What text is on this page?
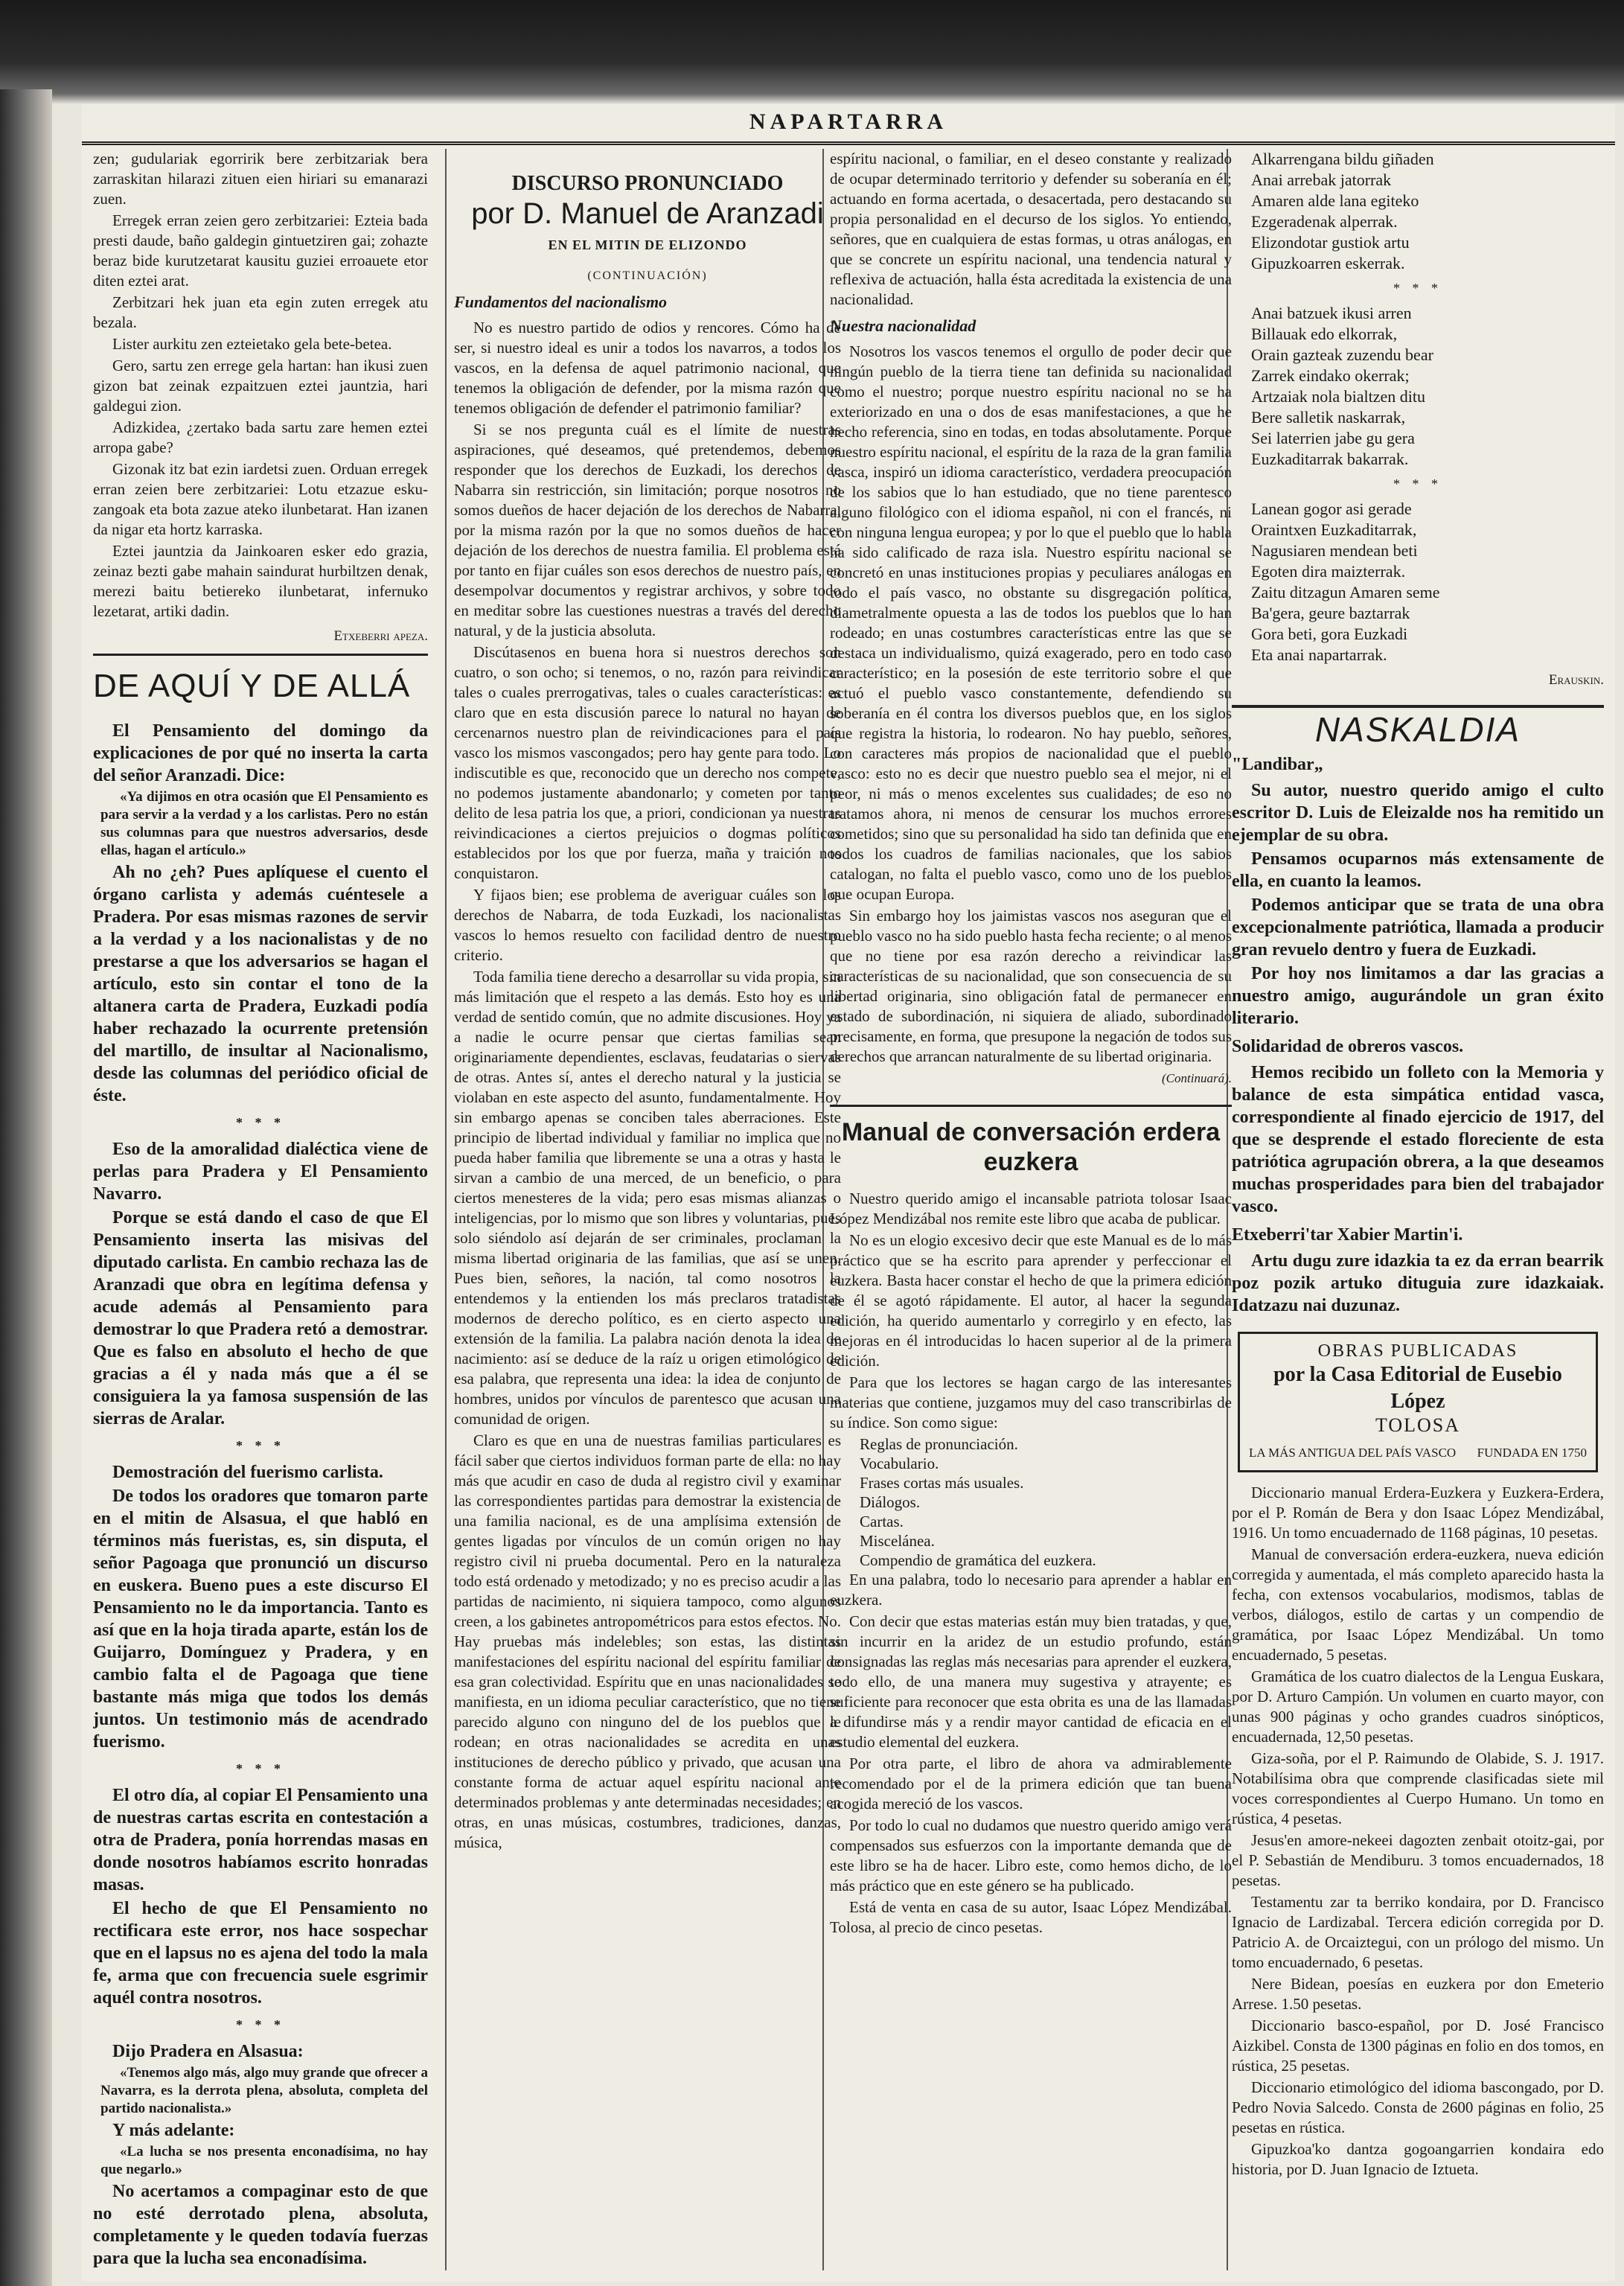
NAPARTARRA

zen; gudulariak egorririk bere zerbitzariak bera zarraskitan hilarazi zituen eien hiriari su emanarazi zuen.

Erregek erran zeien gero zerbitzariei: Ezteia bada presti daude, baño galdegin gintuetziren gai; zohazte beraz bide kurutzetarat kausitu guziei erroauete etor diten eztei arat.

Zerbitzari hek juan eta egin zuten erregek atu bezala.

Lister aurkitu zen ezteietako gela bete-betea.

Gero, sartu zen errege gela hartan: han ikusi zuen gizon bat zeinak ezpaitzuen eztei jauntzia, hari galdegui zion.

Adizkidea, ¿zertako bada sartu zare hemen eztei arropa gabe?

Gizonak itz bat ezin iardetsi zuen. Orduan erregek erran zeien bere zerbitzariei: Lotu etzazue esku-zangoak eta bota zazue ateko ilunbetarat. Han izanen da nigar eta hortz karraska.

Eztei jauntzia da Jainkoaren esker edo grazia, zeinaz bezti gabe mahain saindurat hurbiltzen denak, merezi baitu betiereko ilunbetarat, infernuko lezetarat, artiki dadin.

Etxeberri apeza.

DE AQUÍ Y DE ALLÁ

El Pensamiento del domingo da explicaciones de por qué no inserta la carta del señor Aranzadi. Dice:

«Ya dijimos en otra ocasión que El Pensamiento es para servir a la verdad y a los carlistas. Pero no están sus columnas para que nuestros adversarios, desde ellas, hagan el artículo.»

Ah no ¿eh? Pues aplíquese el cuento el órgano carlista y además cuéntesele a Pradera. Por esas mismas razones de servir a la verdad y a los nacionalistas y de no prestarse a que los adversarios se hagan el artículo, esto sin contar el tono de la altanera carta de Pradera, Euzkadi podía haber rechazado la ocurrente pretensión del martillo, de insultar al Nacionalismo, desde las columnas del periódico oficial de éste.

* * *

Eso de la amoralidad dialéctica viene de perlas para Pradera y El Pensamiento Navarro.

Porque se está dando el caso de que El Pensamiento inserta las misivas del diputado carlista. En cambio rechaza las de Aranzadi que obra en legítima defensa y acude además al Pensamiento para demostrar lo que Pradera retó a demostrar. Que es falso en absoluto el hecho de que gracias a él y nada más que a él se consiguiera la ya famosa suspensión de las sierras de Aralar.

* * *

Demostración del fuerismo carlista.

De todos los oradores que tomaron parte en el mitin de Alsasua, el que habló en términos más fueristas, es, sin disputa, el señor Pagoaga que pronunció un discurso en euskera. Bueno pues a este discurso El Pensamiento no le da importancia. Tanto es así que en la hoja tirada aparte, están los de Guijarro, Domínguez y Pradera, y en cambio falta el de Pagoaga que tiene bastante más miga que todos los demás juntos. Un testimonio más de acendrado fuerismo.

* * *

El otro día, al copiar El Pensamiento una de nuestras cartas escrita en contestación a otra de Pradera, ponía horrendas masas en donde nosotros habíamos escrito honradas masas.

El hecho de que El Pensamiento no rectificara este error, nos hace sospechar que en el lapsus no es ajena del todo la mala fe, arma que con frecuencia suele esgrimir aquél contra nosotros.

* * *

Dijo Pradera en Alsasua:

«Tenemos algo más, algo muy grande que ofrecer a Navarra, es la derrota plena, absoluta, completa del partido nacionalista.»

Y más adelante:

«La lucha se nos presenta enconadísima, no hay que negarlo.»

No acertamos a compaginar esto de que no esté derrotado plena, absoluta, completamente y le queden todavía fuerzas para que la lucha sea enconadísima.

DISCURSO PRONUNCIADO
por D. Manuel de Aranzadi
EN EL MITIN DE ELIZONDO
(CONTINUACIÓN)
Fundamentos del nacionalismo

No es nuestro partido de odios y rencores. Cómo ha de ser, si nuestro ideal es unir a todos los navarros, a todos los vascos, en la defensa de aquel patrimonio nacional, que tenemos la obligación de defender, por la misma razón que tenemos obligación de defender el patrimonio familiar?

Si se nos pregunta cuál es el límite de nuestras aspiraciones, qué deseamos, qué pretendemos, debemos responder que los derechos de Euzkadi, los derechos de Nabarra sin restricción, sin limitación; porque nosotros no somos dueños de hacer dejación de los derechos de Nabarra, por la misma razón por la que no somos dueños de hacer dejación de los derechos de nuestra familia. El problema está por tanto en fijar cuáles son esos derechos de nuestro país, en desempolvar documentos y registrar archivos, y sobre todo en meditar sobre las cuestiones nuestras a través del derecho natural, y de la justicia absoluta.

Discútasenos en buena hora si nuestros derechos son cuatro, o son ocho; si tenemos, o no, razón para reivindicar tales o cuales prerrogativas, tales o cuales características: es claro que en esta discusión parece lo natural no hayan de cercenarnos nuestro plan de reivindicaciones para el país vasco los mismos vascongados; pero hay gente para todo. Lo indiscutible es que, reconocido que un derecho nos compete, no podemos justamente abandonarlo; y cometen por tanto delito de lesa patria los que, a priori, condicionan ya nuestras reivindicaciones a ciertos prejuicios o dogmas políticos establecidos por los que por fuerza, maña y traición nos conquistaron.

Y fijaos bien; ese problema de averiguar cuáles son los derechos de Nabarra, de toda Euzkadi, los nacionalistas vascos lo hemos resuelto con facilidad dentro de nuestro criterio.

Toda familia tiene derecho a desarrollar su vida propia, sin más limitación que el respeto a las demás. Esto hoy es una verdad de sentido común, que no admite discusiones. Hoy ya a nadie le ocurre pensar que ciertas familias sean originariamente dependientes, esclavas, feudatarias o siervas de otras. Antes sí, antes el derecho natural y la justicia se violaban en este aspecto del asunto, fundamentalmente. Hoy sin embargo apenas se conciben tales aberraciones. Este principio de libertad individual y familiar no implica que no pueda haber familia que libremente se una a otras y hasta le sirvan a cambio de una merced, de un beneficio, o para ciertos menesteres de la vida; pero esas mismas alianzas o inteligencias, por lo mismo que son libres y voluntarias, pues solo siéndolo así dejarán de ser criminales, proclaman la misma libertad originaria de las familias, que así se unen. Pues bien, señores, la nación, tal como nosotros la entendemos y la entienden los más preclaros tratadistas modernos de derecho político, es en cierto aspecto una extensión de la familia. La palabra nación denota la idea de nacimiento: así se deduce de la raíz u origen etimológico de esa palabra, que representa una idea: la idea de conjunto de hombres, unidos por vínculos de parentesco que acusan una comunidad de origen.

Claro es que en una de nuestras familias particulares es fácil saber que ciertos individuos forman parte de ella: no hay más que acudir en caso de duda al registro civil y examinar las correspondientes partidas para demostrar la existencia de una familia nacional, es de una amplísima extensión de gentes ligadas por vínculos de un común origen no hay registro civil ni prueba documental. Pero en la naturaleza todo está ordenado y metodizado; y no es preciso acudir a las partidas de nacimiento, ni siquiera tampoco, como algunos creen, a los gabinetes antropométricos para estos efectos. No. Hay pruebas más indelebles; son estas, las distintas manifestaciones del espíritu nacional del espíritu familiar de esa gran colectividad. Espíritu que en unas nacionalidades se manifiesta, en un idioma peculiar característico, que no tiene parecido alguno con ninguno del de los pueblos que le rodean; en otras nacionalidades se acredita en unas instituciones de derecho público y privado, que acusan una constante forma de actuar aquel espíritu nacional ante determinados problemas y ante determinadas necesidades; en otras, en unas músicas, costumbres, tradiciones, danzas, música,

espíritu nacional, o familiar, en el deseo constante y realizado de ocupar determinado territorio y defender su soberanía en él; actuando en forma acertada, o desacertada, pero destacando su propia personalidad en el decurso de los siglos. Yo entiendo, señores, que en cualquiera de estas formas, u otras análogas, en que se concrete un espíritu nacional, una tendencia natural y reflexiva de actuación, halla ésta acreditada la existencia de una nacionalidad.

Nuestra nacionalidad

Nosotros los vascos tenemos el orgullo de poder decir que ningún pueblo de la tierra tiene tan definida su nacionalidad como el nuestro; porque nuestro espíritu nacional no se ha exteriorizado en una o dos de esas manifestaciones, a que he hecho referencia, sino en todas, en todas absolutamente. Porque nuestro espíritu nacional, el espíritu de la raza de la gran familia vasca, inspiró un idioma característico, verdadera preocupación de los sabios que lo han estudiado, que no tiene parentesco alguno filológico con el idioma español, ni con el francés, ni con ninguna lengua europea; y por lo que el pueblo que lo habla ha sido calificado de raza isla. Nuestro espíritu nacional se concretó en unas instituciones propias y peculiares análogas en todo el país vasco, no obstante su disgregación política, diametralmente opuesta a las de todos los pueblos que lo han rodeado; en unas costumbres características entre las que se destaca un individualismo, quizá exagerado, pero en todo caso característico; en la posesión de este territorio sobre el que actuó el pueblo vasco constantemente, defendiendo su soberanía en él contra los diversos pueblos que, en los siglos que registra la historia, lo rodearon. No hay pueblo, señores, con caracteres más propios de nacionalidad que el pueblo vasco: esto no es decir que nuestro pueblo sea el mejor, ni el peor, ni más o menos excelentes sus cualidades; de eso no tratamos ahora, ni menos de censurar los muchos errores cometidos; sino que su personalidad ha sido tan definida que en todos los cuadros de familias nacionales, que los sabios catalogan, no falta el pueblo vasco, como uno de los pueblos que ocupan Europa.

Sin embargo hoy los jaimistas vascos nos aseguran que el pueblo vasco no ha sido pueblo hasta fecha reciente; o al menos que no tiene por esa razón derecho a reivindicar las características de su nacionalidad, que son consecuencia de su libertad originaria, sino obligación fatal de permanecer en estado de subordinación, ni siquiera de aliado, subordinado precisamente, en forma, que presupone la negación de todos sus derechos que arrancan naturalmente de su libertad originaria.

(Continuará).
Manual de conversación erdera euzkera

Nuestro querido amigo el incansable patriota tolosar Isaac López Mendizábal nos remite este libro que acaba de publicar.

No es un elogio excesivo decir que este Manual es de lo más práctico que se ha escrito para aprender y perfeccionar el euzkera. Basta hacer constar el hecho de que la primera edición de él se agotó rápidamente. El autor, al hacer la segunda edición, ha querido aumentarlo y corregirlo y en efecto, las mejoras en él introducidas lo hacen superior al de la primera edición.

Para que los lectores se hagan cargo de las interesantes materias que contiene, juzgamos muy del caso transcribirlas de su índice. Son como sigue:

Reglas de pronunciación.
Vocabulario.
Frases cortas más usuales.
Diálogos.
Cartas.
Miscelánea.
Compendio de gramática del euzkera.

En una palabra, todo lo necesario para aprender a hablar en euzkera.

Con decir que estas materias están muy bien tratadas, y que, sin incurrir en la aridez de un estudio profundo, están consignadas las reglas más necesarias para aprender el euzkera, todo ello, de una manera muy sugestiva y atrayente; es suficiente para reconocer que esta obrita es una de las llamadas a difundirse más y a rendir mayor cantidad de eficacia en el estudio elemental del euzkera.

Por otra parte, el libro de ahora va admirablemente recomendado por el de la primera edición que tan buena acogida mereció de los vascos.

Por todo lo cual no dudamos que nuestro querido amigo verá compensados sus esfuerzos con la importante demanda que de este libro se ha de hacer. Libro este, como hemos dicho, de lo más práctico que en este género se ha publicado.

Está de venta en casa de su autor, Isaac López Mendizábal. Tolosa, al precio de cinco pesetas.

Alkarrengana bildu giñaden
Anai arrebak jatorrak
Amaren alde lana egiteko
Ezgeradenak alperrak.
Elizondotar gustiok artu
Gipuzkoarren eskerrak.

* * *

Anai batzuek ikusi arren
Billauak edo elkorrak,
Orain gazteak zuzendu bear
Zarrek eindako okerrak;
Artzaiak nola bialtzen ditu
Bere salletik naskarrak,
Sei laterrien jabe gu gera
Euzkaditarrak bakarrak.

* * *

Lanean gogor asi gerade
Oraintxen Euzkaditarrak,
Nagusiaren mendean beti
Egoten dira maizterrak.
Zaitu ditzagun Amaren seme
Ba'gera, geure baztarrak
Gora beti, gora Euzkadi
Eta anai napartarrak.

Erauskin.

NASKALDIA
"Landibar„

Su autor, nuestro querido amigo el culto escritor D. Luis de Eleizalde nos ha remitido un ejemplar de su obra.

Pensamos ocuparnos más extensamente de ella, en cuanto la leamos.

Podemos anticipar que se trata de una obra excepcionalmente patriótica, llamada a producir gran revuelo dentro y fuera de Euzkadi.

Por hoy nos limitamos a dar las gracias a nuestro amigo, augurándole un gran éxito literario.

Solidaridad de obreros vascos.

Hemos recibido un folleto con la Memoria y balance de esta simpática entidad vasca, correspondiente al finado ejercicio de 1917, del que se desprende el estado floreciente de esta patriótica agrupación obrera, a la que deseamos muchas prosperidades para bien del trabajador vasco.

Etxeberri'tar Xabier Martin'i.

Artu dugu zure idazkia ta ez da erran bearrik poz pozik artuko dituguia zure idazkaiak. Idatzazu nai duzunaz.

OBRAS PUBLICADAS
por la Casa Editorial de Eusebio López
TOLOSA
LA MÁS ANTIGUA DEL PAÍS VASCO FUNDADA EN 1750

Diccionario manual Erdera-Euzkera y Euzkera-Erdera, por el P. Román de Bera y don Isaac López Mendizábal, 1916. Un tomo encuadernado de 1168 páginas, 10 pesetas.

Manual de conversación erdera-euzkera, nueva edición corregida y aumentada, el más completo aparecido hasta la fecha, con extensos vocabularios, modismos, tablas de verbos, diálogos, estilo de cartas y un compendio de gramática, por Isaac López Mendizábal. Un tomo encuadernado, 5 pesetas.

Gramática de los cuatro dialectos de la Lengua Euskara, por D. Arturo Campión. Un volumen en cuarto mayor, con unas 900 páginas y ocho grandes cuadros sinópticos, encuadernada, 12,50 pesetas.

Giza-soña, por el P. Raimundo de Olabide, S. J. 1917. Notabilísima obra que comprende clasificadas siete mil voces correspondientes al Cuerpo Humano. Un tomo en rústica, 4 pesetas.

Jesus'en amore-nekeei dagozten zenbait otoitz-gai, por el P. Sebastián de Mendiburu. 3 tomos encuadernados, 18 pesetas.

Testamentu zar ta berriko kondaira, por D. Francisco Ignacio de Lardizabal. Tercera edición corregida por D. Patricio A. de Orcaiztegui, con un prólogo del mismo. Un tomo encuadernado, 6 pesetas.

Nere Bidean, poesías en euzkera por don Emeterio Arrese. 1.50 pesetas.

Diccionario basco-español, por D. José Francisco Aizkibel. Consta de 1300 páginas en folio en dos tomos, en rústica, 25 pesetas.

Diccionario etimológico del idioma bascongado, por D. Pedro Novia Salcedo. Consta de 2600 páginas en folio, 25 pesetas en rústica.

Gipuzkoa'ko dantza gogoangarrien kondaira edo historia, por D. Juan Ignacio de Iztueta.
